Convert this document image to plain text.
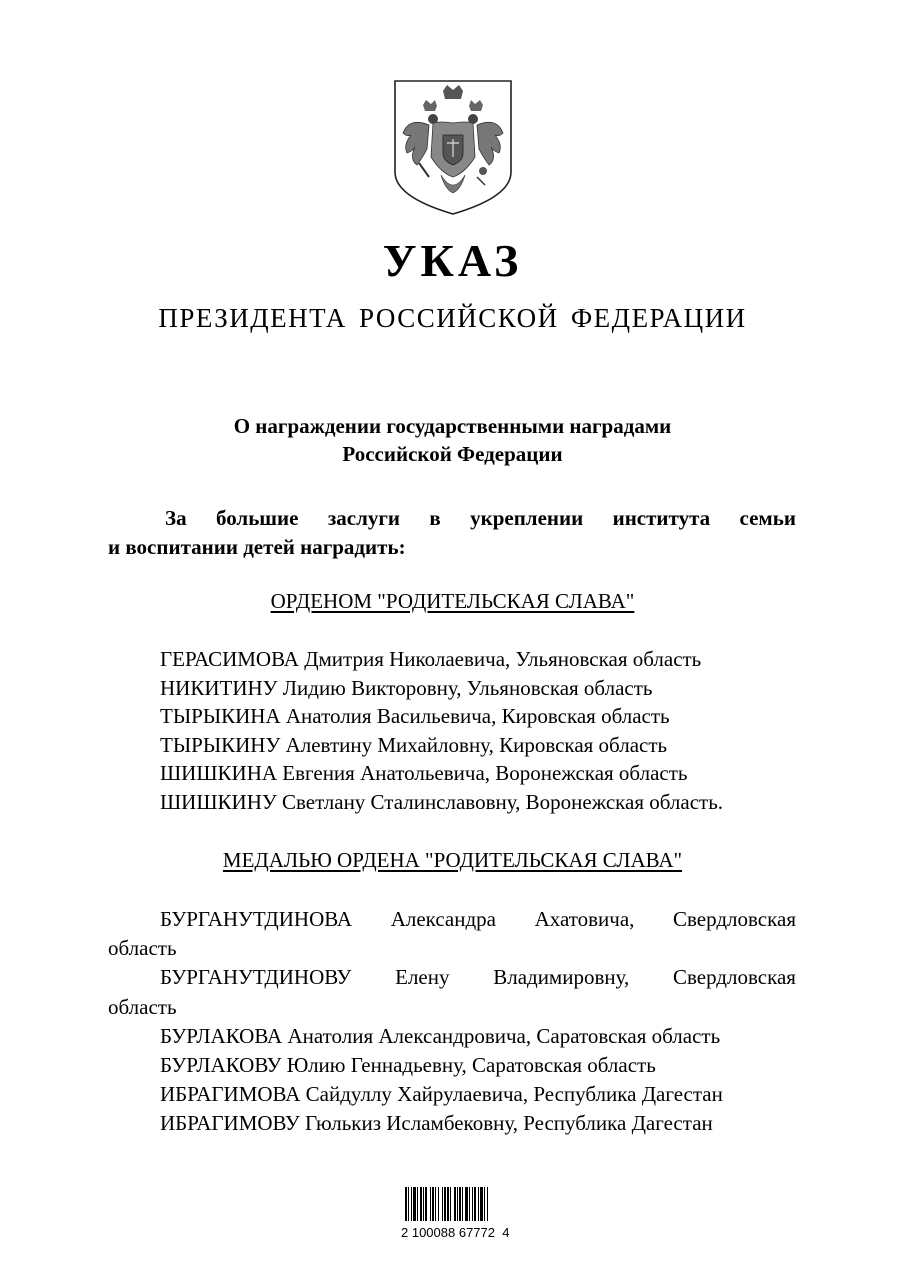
УКАЗ
ПРЕЗИДЕНТА РОССИЙСКОЙ ФЕДЕРАЦИИ
О награждении государственными наградами
Российской Федерации
За большие заслуги в укреплении института семьи
и воспитании детей наградить:
ОРДЕНОМ "РОДИТЕЛЬСКАЯ СЛАВА"
ГЕРАСИМОВА Дмитрия Николаевича, Ульяновская область
НИКИТИНУ Лидию Викторовну, Ульяновская область
ТЫРЫКИНА Анатолия Васильевича, Кировская область
ТЫРЫКИНУ Алевтину Михайловну, Кировская область
ШИШКИНА Евгения Анатольевича, Воронежская область
ШИШКИНУ Светлану Сталинславовну, Воронежская область.
МЕДАЛЬЮ ОРДЕНА "РОДИТЕЛЬСКАЯ СЛАВА"
БУРГАНУТДИНОВА Александра Ахатовича, Свердловская
область
БУРГАНУТДИНОВУ Елену Владимировну, Свердловская
область
БУРЛАКОВА Анатолия Александровича, Саратовская область
БУРЛАКОВУ Юлию Геннадьевну, Саратовская область
ИБРАГИМОВА Сайдуллу Хайрулаевича, Республика Дагестан
ИБРАГИМОВУ Гюлькиз Исламбековну, Республика Дагестан
2 100088 67772  4
